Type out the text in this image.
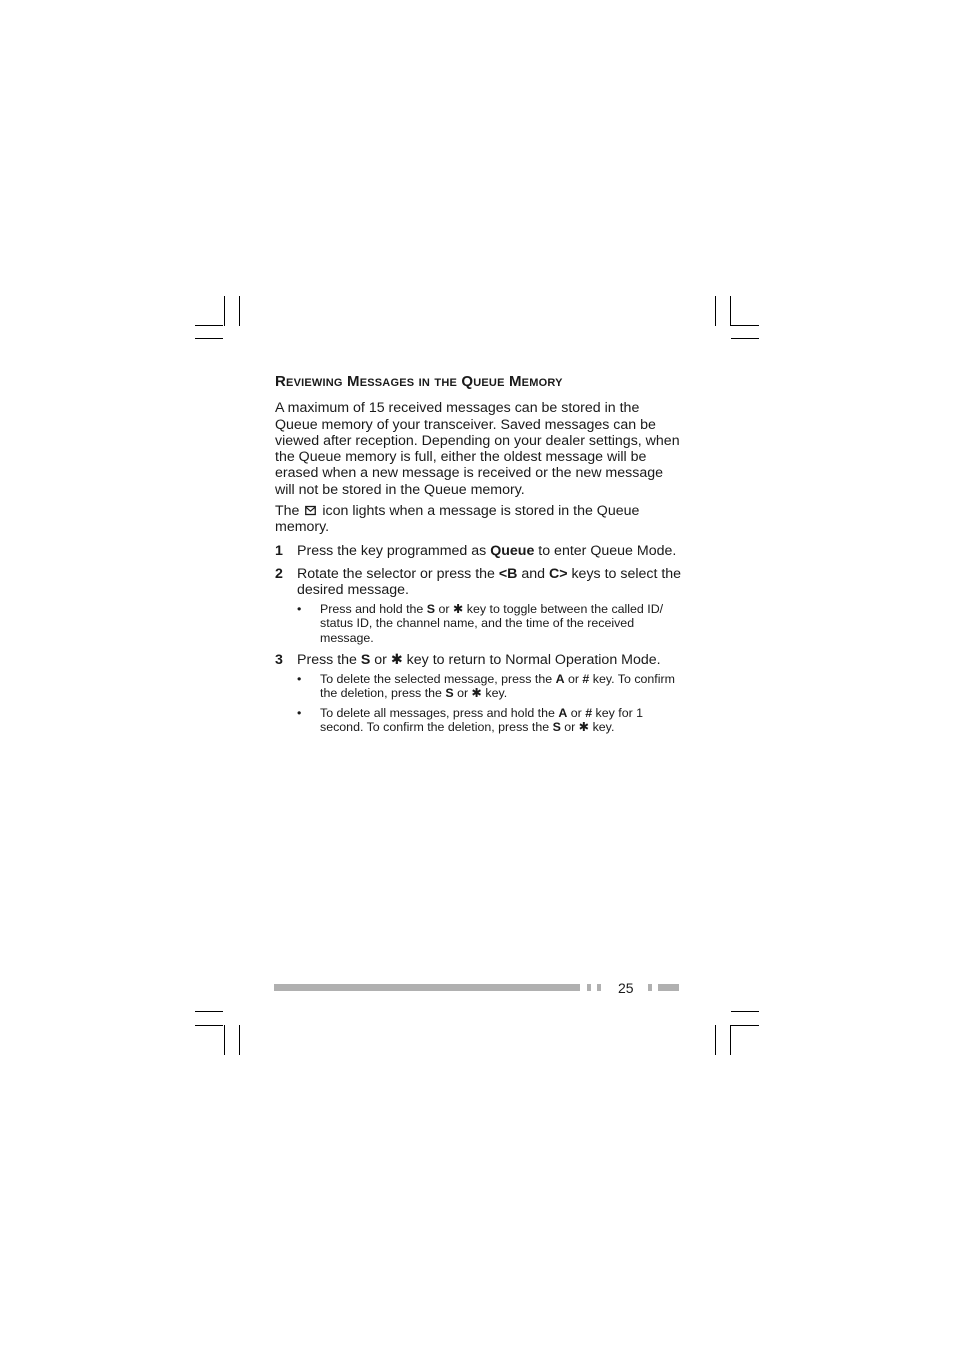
Reviewing Messages in the Queue Memory

A maximum of 15 received messages can be stored in the Queue memory of your transceiver. Saved messages can be viewed after reception. Depending on your dealer settings, when the Queue memory is full, either the oldest message will be erased when a new message is received or the new message will not be stored in the Queue memory.

The icon lights when a message is stored in the Queue memory.

1 Press the key programmed as Queue to enter Queue Mode.
2 Rotate the selector or press the <B and C> keys to select the desired message.
• Press and hold the S or ✱ key to toggle between the called ID/ status ID, the channel name, and the time of the received message.
3 Press the S or ✱ key to return to Normal Operation Mode.
• To delete the selected message, press the A or # key. To confirm the deletion, press the S or ✱ key.
• To delete all messages, press and hold the A or # key for 1 second. To confirm the deletion, press the S or ✱ key.
25
